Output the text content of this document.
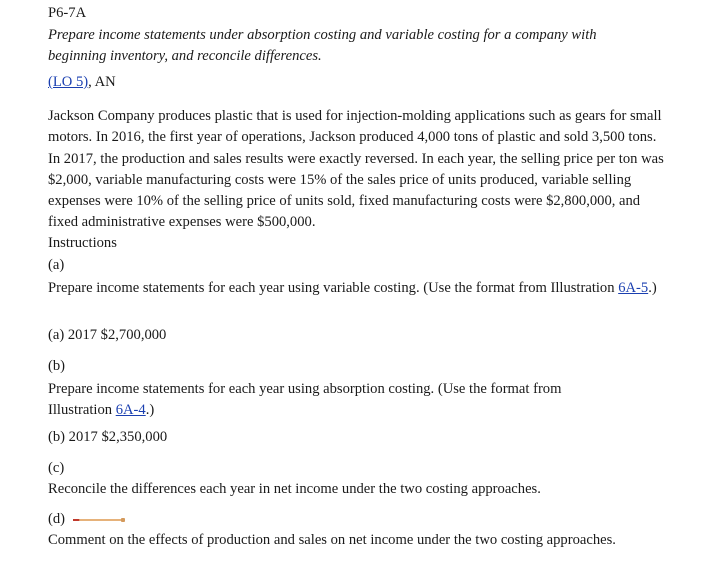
P6-7A
Prepare income statements under absorption costing and variable costing for a company with beginning inventory, and reconcile differences.
(LO 5), AN
Jackson Company produces plastic that is used for injection-molding applications such as gears for small motors. In 2016, the first year of operations, Jackson produced 4,000 tons of plastic and sold 3,500 tons. In 2017, the production and sales results were exactly reversed. In each year, the selling price per ton was $2,000, variable manufacturing costs were 15% of the sales price of units produced, variable selling expenses were 10% of the selling price of units sold, fixed manufacturing costs were $2,800,000, and fixed administrative expenses were $500,000.
Instructions
(a)
Prepare income statements for each year using variable costing. (Use the format from Illustration 6A-5.)
(a) 2017 $2,700,000
(b)
Prepare income statements for each year using absorption costing. (Use the format from Illustration 6A-4.)
(b) 2017 $2,350,000
(c)
Reconcile the differences each year in net income under the two costing approaches.
(d)
Comment on the effects of production and sales on net income under the two costing approaches.
